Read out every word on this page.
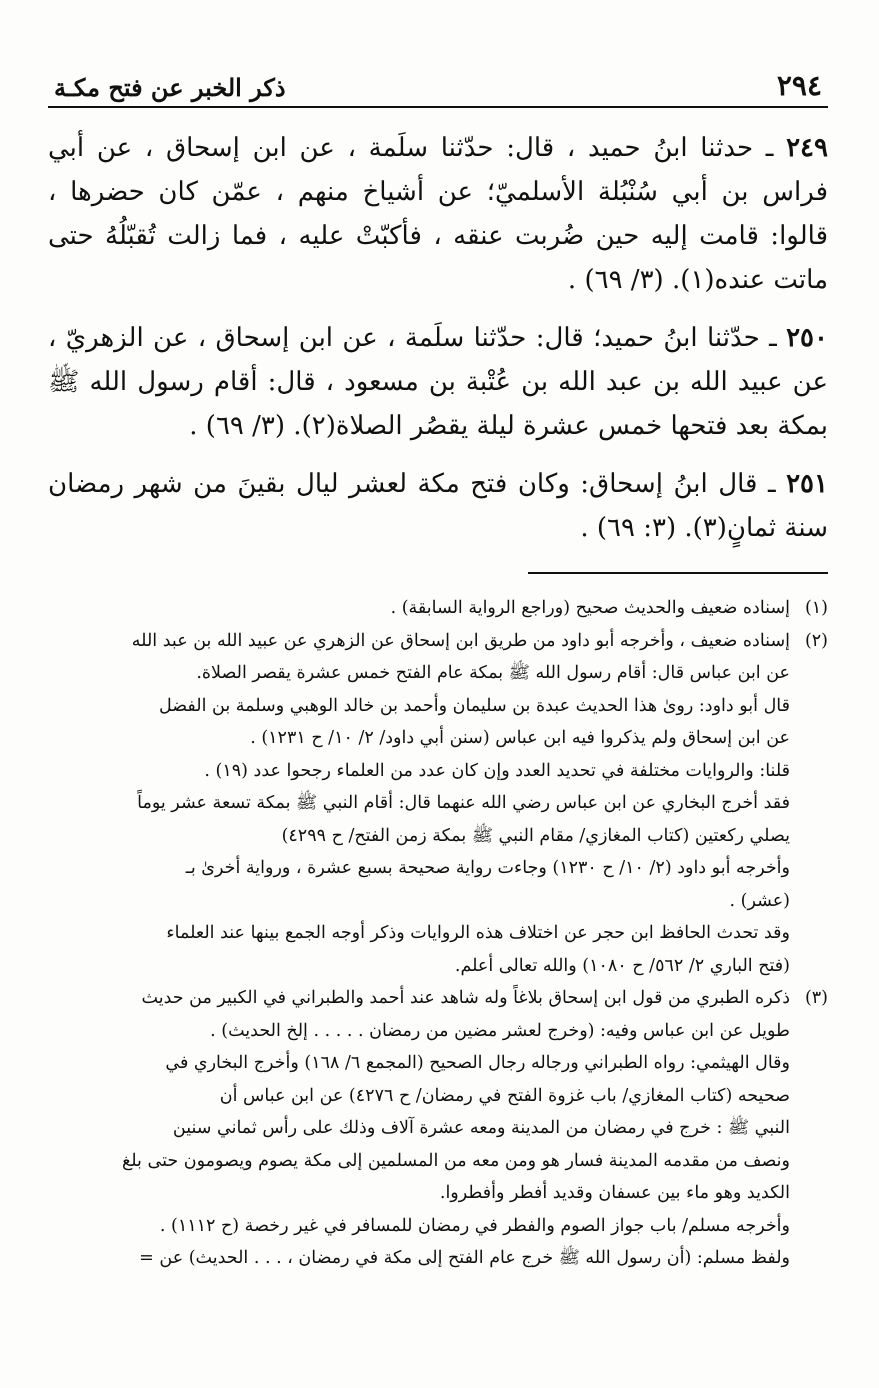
٢٩٤
ذكر الخبر عن فتح مكـة

٢٤٩ ـ حدثنا ابنُ حميد ، قال: حدّثنا سلَمة ، عن ابن إسحاق ، عن أبي فراس بن أبي سُنْبُلة الأسلميّ؛ عن أشياخ منهم ، عمّن كان حضرها ، قالوا: قامت إليه حين ضُربت عنقه ، فأكبّتْ عليه ، فما زالت تُقبّلُهُ حتى ماتت عنده(١). (٣/ ٦٩) .

٢٥٠ ـ حدّثنا ابنُ حميد؛ قال: حدّثنا سلَمة ، عن ابن إسحاق ، عن الزهريّ ، عن عبيد الله بن عبد الله بن عُتْبة بن مسعود ، قال: أقام رسول الله ﷺ بمكة بعد فتحها خمس عشرة ليلة يقصُر الصلاة(٢). (٣/ ٦٩) .

٢٥١ ـ قال ابنُ إسحاق: وكان فتح مكة لعشر ليال بقينَ من شهر رمضان سنة ثمانٍ(٣). (٣: ٦٩) .

(١)
إسناده ضعيف والحديث صحيح (وراجع الرواية السابقة) .
(٢)
إسناده ضعيف ، وأخرجه أبو داود من طريق ابن إسحاق عن الزهري عن عبيد الله بن عبد الله
عن ابن عباس قال: أقام رسول الله ﷺ بمكة عام الفتح خمس عشرة يقصر الصلاة.
قال أبو داود: رویٰ هذا الحديث عبدة بن سليمان وأحمد بن خالد الوهبي وسلمة بن الفضل
عن ابن إسحاق ولم يذكروا فيه ابن عباس (سنن أبي داود/ ٢/ ١٠/ ح ١٢٣١) .
قلنا: والروايات مختلفة في تحديد العدد وإن كان عدد من العلماء رجحوا عدد (١٩) .
فقد أخرج البخاري عن ابن عباس رضي الله عنهما قال: أقام النبي ﷺ بمكة تسعة عشر يوماً
يصلي ركعتين (كتاب المغازي/ مقام النبي ﷺ بمكة زمن الفتح/ ح ٤٢٩٩)
وأخرجه أبو داود (٢/ ١٠/ ح ١٢٣٠) وجاءت رواية صحيحة بسبع عشرة ، ورواية أخرىٰ بـ
(عشر) .
وقد تحدث الحافظ ابن حجر عن اختلاف هذه الروايات وذكر أوجه الجمع بينها عند العلماء
(فتح الباري ٢/ ٥٦٢/ ح ١٠٨٠) والله تعالى أعلم.
(٣)
ذكره الطبري من قول ابن إسحاق بلاغاً وله شاهد عند أحمد والطبراني في الكبير من حديث
طويل عن ابن عباس وفيه: (وخرج لعشر مضين من رمضان . . . . . إلخ الحديث) .
وقال الهيثمي: رواه الطبراني ورجاله رجال الصحيح (المجمع ٦/ ١٦٨) وأخرج البخاري في
صحيحه (كتاب المغازي/ باب غزوة الفتح في رمضان/ ح ٤٢٧٦) عن ابن عباس أن
النبي ﷺ : خرج في رمضان من المدينة ومعه عشرة آلاف وذلك على رأس ثماني سنين
ونصف من مقدمه المدينة فسار هو ومن معه من المسلمين إلى مكة يصوم ويصومون حتى بلغ
الكديد وهو ماء بين عسفان وقديد أفطر وأفطروا.
وأخرجه مسلم/ باب جواز الصوم والفطر في رمضان للمسافر في غير رخصة (ح ١١١٢) .
ولفظ مسلم: (أن رسول الله ﷺ خرج عام الفتح إلى مكة في رمضان ، . . . الحديث) عن =
